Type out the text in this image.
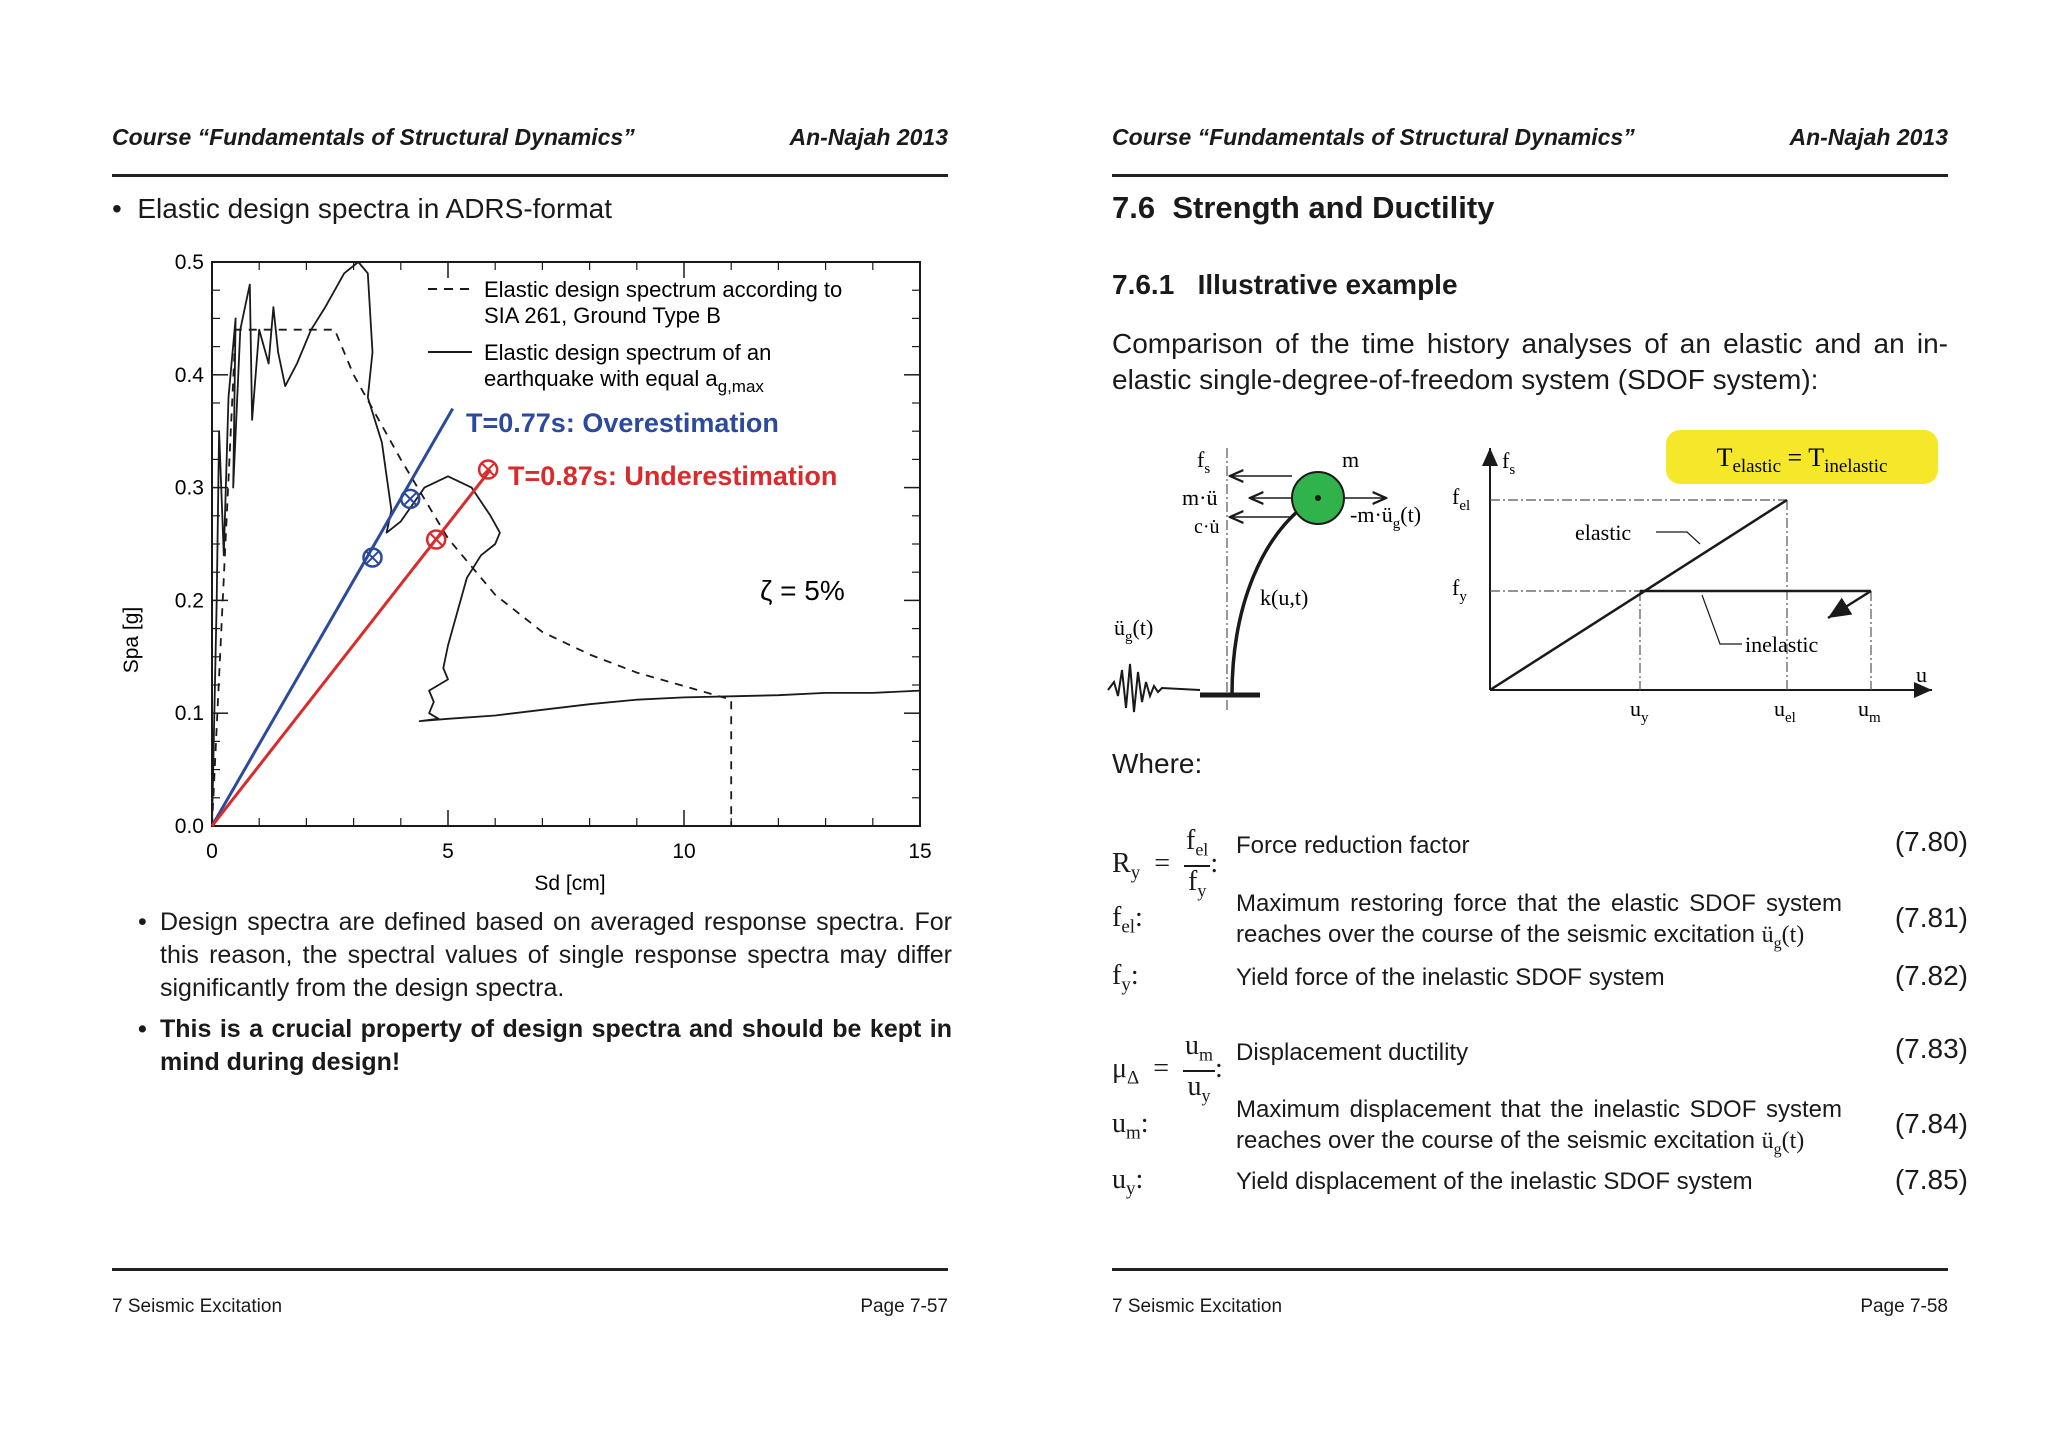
Course “Fundamentals of Structural Dynamics”	An-Najah 2013
•  Elastic design spectra in ADRS-format
0.0
0.1
0.2
0.3
0.4
0.5
0	5	10	15
Elastic design spectrum according to
SIA 261, Ground Type B
Elastic design spectrum of an
earthquake with equal $a_{g,max}$
T=0.77s: Overestimation
T=0.87s: Underestimation
ζ = 5%
Sd [cm]
Spa [g]
• Design spectra are defined based on averaged response spectra. For this reason, the spectral values of single response spectra may differ significantly from the design spectra.
• This is a crucial property of design spectra and should be kept in mind during design!
7 Seismic Excitation	Page 7-57
Course “Fundamentals of Structural Dynamics”	An-Najah 2013
7.6 Strength and Ductility
7.6.1 Illustrative example
Comparison of the time history analyses of an elastic and an in-elastic single-degree-of-freedom system (SDOF system):
$f_s$
m·ü
c·u̇
m
$-m\cdot ü_g(t)$
k(u,t)
$ü_g(t)$
elastic
inelastic
$f_s$
$f_{el}$
$f_y$
u
$u_y$	$u_{el}$	$u_m$
$T_{elastic} = T_{inelastic}$
Where:
$R_y = \frac{f_{el}}{f_y}$ :
Force reduction factor	(7.80)
$f_{el}$:	Maximum restoring force that the elastic SDOF system reaches over the course of the seismic excitation $ü_g(t)$
(7.81)
$f_y$:	Yield force of the inelastic SDOF system	(7.82)
$\mu_\Delta = \frac{u_m}{u_y}$ :
Displacement ductility	(7.83)
$u_m$:	Maximum displacement that the inelastic SDOF system reaches over the course of the seismic excitation $ü_g(t)$
(7.84)
$u_y$:	Yield displacement of the inelastic SDOF system	(7.85)
7 Seismic Excitation	Page 7-58
